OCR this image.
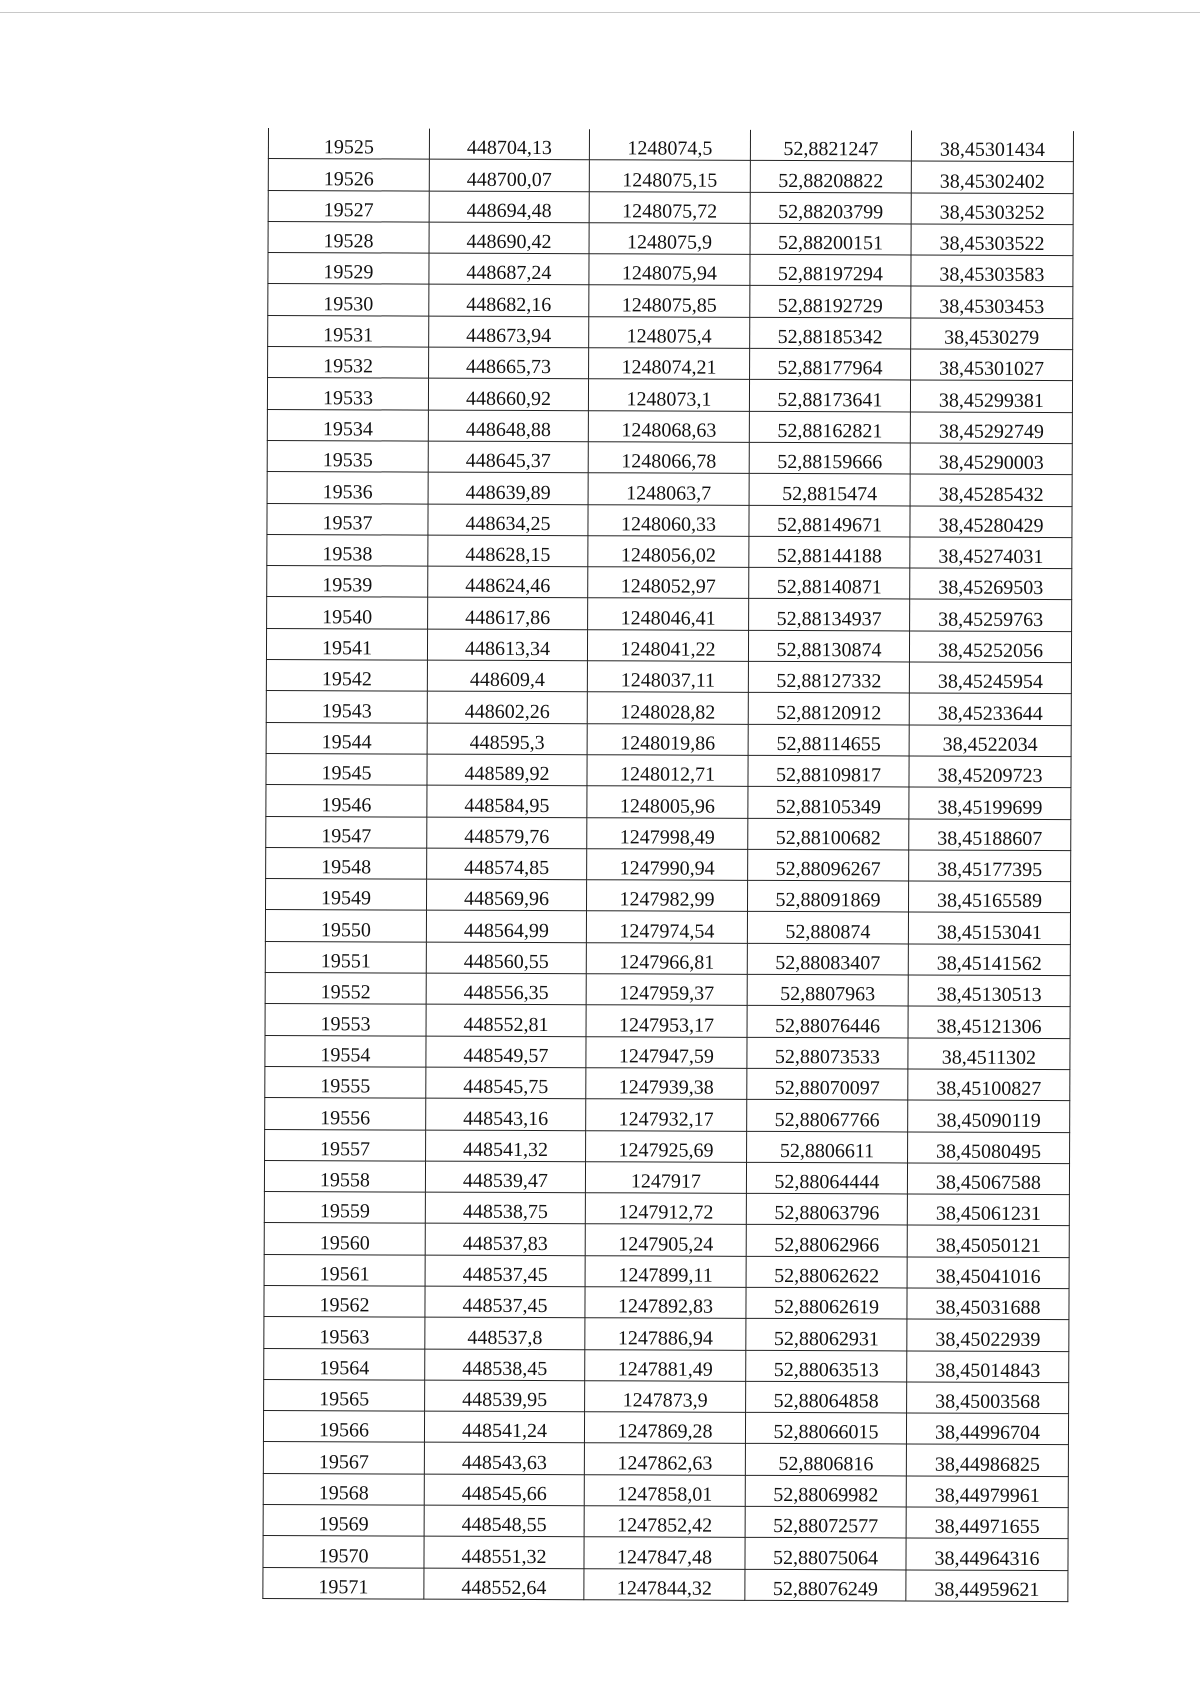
19525	448704,13	1248074,5	52,8821247	38,45301434
19526	448700,07	1248075,15	52,88208822	38,45302402
19527	448694,48	1248075,72	52,88203799	38,45303252
19528	448690,42	1248075,9	52,88200151	38,45303522
19529	448687,24	1248075,94	52,88197294	38,45303583
19530	448682,16	1248075,85	52,88192729	38,45303453
19531	448673,94	1248075,4	52,88185342	38,4530279
19532	448665,73	1248074,21	52,88177964	38,45301027
19533	448660,92	1248073,1	52,88173641	38,45299381
19534	448648,88	1248068,63	52,88162821	38,45292749
19535	448645,37	1248066,78	52,88159666	38,45290003
19536	448639,89	1248063,7	52,8815474	38,45285432
19537	448634,25	1248060,33	52,88149671	38,45280429
19538	448628,15	1248056,02	52,88144188	38,45274031
19539	448624,46	1248052,97	52,88140871	38,45269503
19540	448617,86	1248046,41	52,88134937	38,45259763
19541	448613,34	1248041,22	52,88130874	38,45252056
19542	448609,4	1248037,11	52,88127332	38,45245954
19543	448602,26	1248028,82	52,88120912	38,45233644
19544	448595,3	1248019,86	52,88114655	38,4522034
19545	448589,92	1248012,71	52,88109817	38,45209723
19546	448584,95	1248005,96	52,88105349	38,45199699
19547	448579,76	1247998,49	52,88100682	38,45188607
19548	448574,85	1247990,94	52,88096267	38,45177395
19549	448569,96	1247982,99	52,88091869	38,45165589
19550	448564,99	1247974,54	52,880874	38,45153041
19551	448560,55	1247966,81	52,88083407	38,45141562
19552	448556,35	1247959,37	52,8807963	38,45130513
19553	448552,81	1247953,17	52,88076446	38,45121306
19554	448549,57	1247947,59	52,88073533	38,4511302
19555	448545,75	1247939,38	52,88070097	38,45100827
19556	448543,16	1247932,17	52,88067766	38,45090119
19557	448541,32	1247925,69	52,8806611	38,45080495
19558	448539,47	1247917	52,88064444	38,45067588
19559	448538,75	1247912,72	52,88063796	38,45061231
19560	448537,83	1247905,24	52,88062966	38,45050121
19561	448537,45	1247899,11	52,88062622	38,45041016
19562	448537,45	1247892,83	52,88062619	38,45031688
19563	448537,8	1247886,94	52,88062931	38,45022939
19564	448538,45	1247881,49	52,88063513	38,45014843
19565	448539,95	1247873,9	52,88064858	38,45003568
19566	448541,24	1247869,28	52,88066015	38,44996704
19567	448543,63	1247862,63	52,8806816	38,44986825
19568	448545,66	1247858,01	52,88069982	38,44979961
19569	448548,55	1247852,42	52,88072577	38,44971655
19570	448551,32	1247847,48	52,88075064	38,44964316
19571	448552,64	1247844,32	52,88076249	38,44959621
